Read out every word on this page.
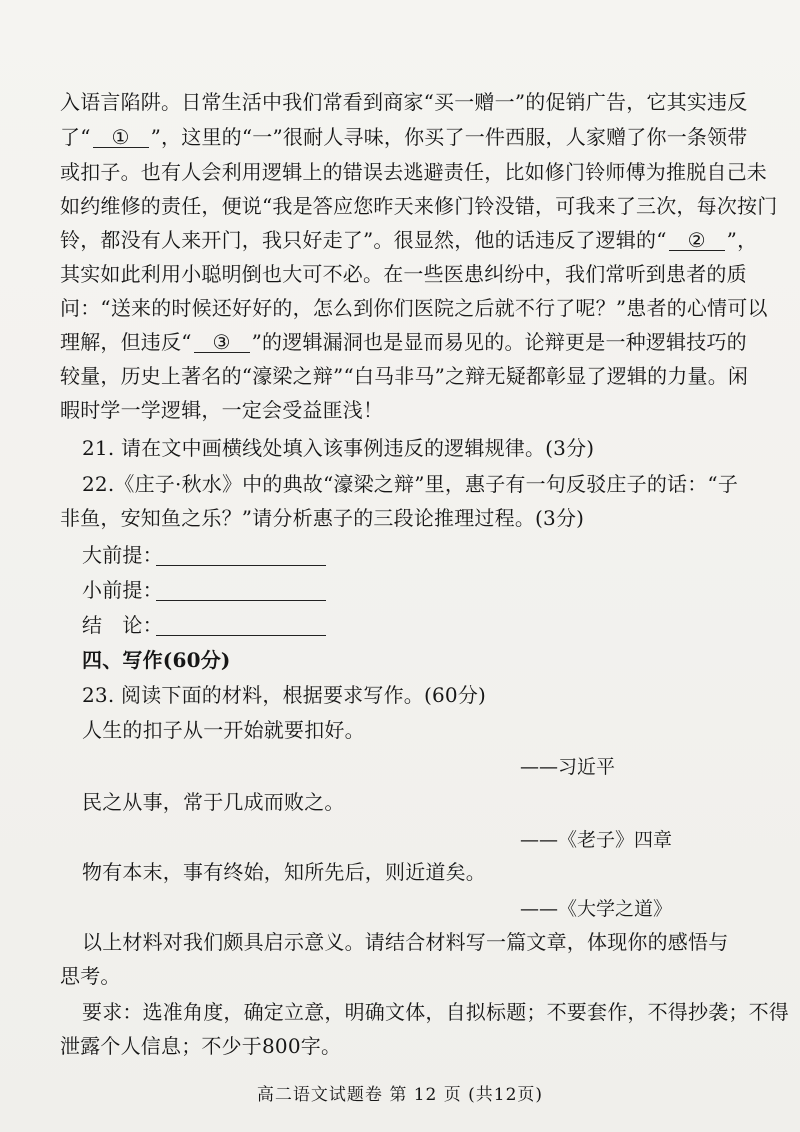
入语言陷阱。日常生活中我们常看到商家“买一赠一”的促销广告，它其实违反
了“ ① ”，这里的“一”很耐人寻味，你买了一件西服，人家赠了你一条领带
或扣子。也有人会利用逻辑上的错误去逃避责任，比如修门铃师傅为推脱自己未
如约维修的责任，便说“我是答应您昨天来修门铃没错，可我来了三次，每次按门
铃，都没有人来开门，我只好走了”。很显然，他的话违反了逻辑的“ ② ”，
其实如此利用小聪明倒也大可不必。在一些医患纠纷中，我们常听到患者的质
问：“送来的时候还好好的，怎么到你们医院之后就不行了呢？”患者的心情可以
理解，但违反“ ③ ”的逻辑漏洞也是显而易见的。论辩更是一种逻辑技巧的
较量，历史上著名的“濠梁之辩”“白马非马”之辩无疑都彰显了逻辑的力量。闲
暇时学一学逻辑，一定会受益匪浅！
21. 请在文中画横线处填入该事例违反的逻辑规律。(3分)
22.《庄子·秋水》中的典故“濠梁之辩”里，惠子有一句反驳庄子的话：“子
非鱼，安知鱼之乐？”请分析惠子的三段论推理过程。(3分)
大前提：
小前提：
结　论：
四、写作(60分)
23. 阅读下面的材料，根据要求写作。(60分)
人生的扣子从一开始就要扣好。
——习近平
民之从事，常于几成而败之。
——《老子》四章
物有本末，事有终始，知所先后，则近道矣。
——《大学之道》
以上材料对我们颇具启示意义。请结合材料写一篇文章，体现你的感悟与
思考。
要求：选准角度，确定立意，明确文体，自拟标题；不要套作，不得抄袭；不得
泄露个人信息；不少于800字。
高二语文试题卷 第 12 页 (共12页)
